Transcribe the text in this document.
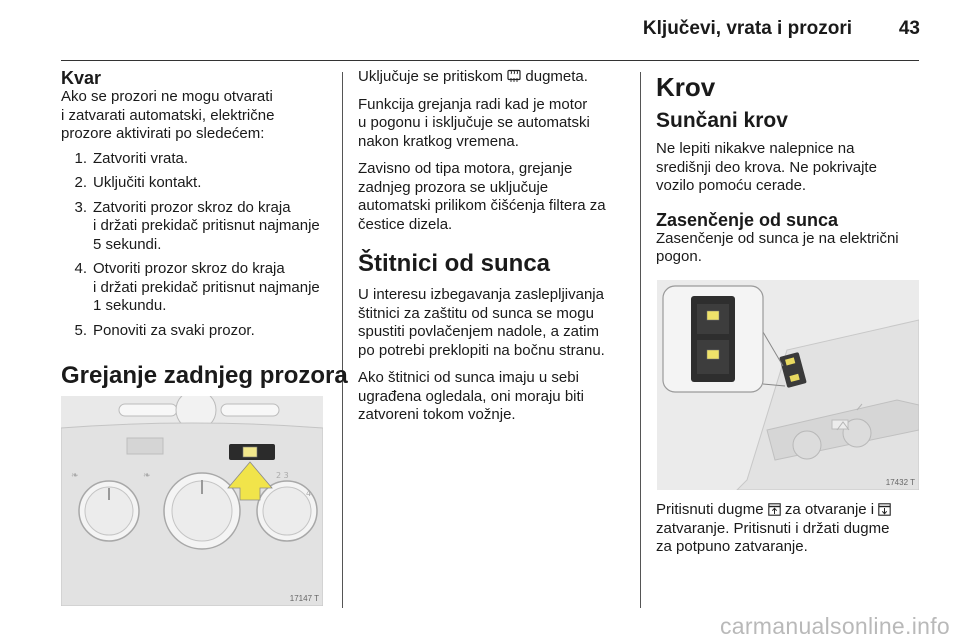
Ključevi, vrata i prozori 43
Kvar
Ako se prozori ne mogu otvarati
i zatvarati automatski, električne
prozore aktivirati po sledećem:
1. Zatvoriti vrata.
2. Uključiti kontakt.
3. Zatvoriti prozor skroz do kraja
i držati prekidač pritisnut najmanje
5 sekundi.
4. Otvoriti prozor skroz do kraja
i držati prekidač pritisnut najmanje
1 sekundu.
5. Ponoviti za svaki prozor.
Grejanje zadnjeg prozora
❧	❧	2 3
4
17147 T

Uključuje se pritiskom dugmeta.

Funkcija grejanja radi kad je motor
u pogonu i isključuje se automatski
nakon kratkog vremena.

Zavisno od tipa motora, grejanje
zadnjeg prozora se uključuje
automatski prilikom čišćenja filtera za
čestice dizela.

Štitnici od sunca

U interesu izbegavanja zaslepljivanja
štitnici za zaštitu od sunca se mogu
spustiti povlačenjem nadole, a zatim
po potrebi preklopiti na bočnu stranu.

Ako štitnici od sunca imaju u sebi
ugrađena ogledala, oni moraju biti
zatvoreni tokom vožnje.

Krov
Sunčani krov

Ne lepiti nikakve nalepnice na
središnji deo krova. Ne pokrivajte
vozilo pomoću cerade.

Zasenčenje od sunca

Zasenčenje od sunca je na električni
pogon.

17432 T
Pritisnuti dugme za otvaranje i
zatvaranje. Pritisnuti i držati dugme
za potpuno zatvaranje.
carmanualsonline.info
